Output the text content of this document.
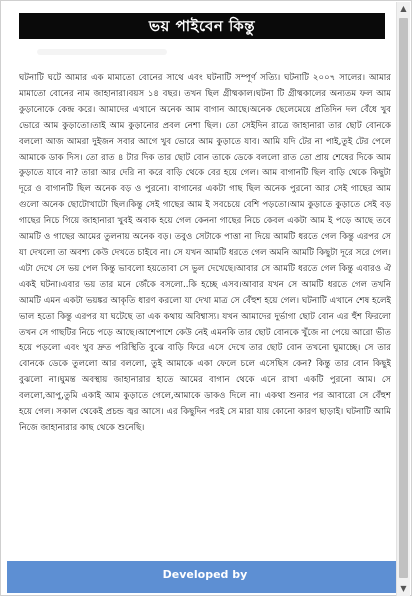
ভয় পাইবেন কিন্তু
ঘটনাটি ঘটে আমার এক মামাতো বোনের সাথে এবং ঘটনাটি সম্পূর্ণ সত্যি। ঘটনাটি ২০০৭ সালের। আমার মামাতো বোনের নাম জাহানারা।বয়স ১৪ বছর। তখন ছিল গ্রীষ্মকাল।ঘটনা টি গ্রীষ্মকালের অন্যতম ফল আম কুড়ানোকে কেন্দ্র করে। আমাদের এখানে অনেক আম বাগান আছে।অনেক ছেলেমেয়ে প্রতিদিন দল বেঁধে খুব ভোরে আম কুড়াতো।তাই আম কুড়ানোর প্রবল নেশা ছিল। তো সেইদিন রাত্রে জাহানারা তার ছোট বোনকে বললো আজ আমরা দুইজন সবার আগে খুব ভোরে আম কুড়াতে যাব। আমি যদি টের না পাই,তুই টের পেলে আমাকে ডাক দিস। তো রাত ৪ টার দিক তার ছোট বোন তাকে ডেকে বললো রাত তো প্রায় শেষের দিকে আম কুড়াতে যাবে না? তারা আর দেরি না করে বাড়ি থেকে বের হয়ে গেল। আম বাগানটি ছিল বাড়ি থেকে কিছুটা দূরে ও বাগানটি ছিল অনেক বড় ও পুরনো। বাগানের একটা গাছ ছিল অনেক পুরনো আর সেই গাছের আম গুলো অনেক ছোটোখাটো ছিল।কিন্তু সেই গাছের আম ই সবচেয়ে বেশি পড়তো।আম কুড়াতে কুড়াতে সেই বড় গাছের নিচে গিয়ে জাহানারা খুবই অবাক হয়ে গেল কেননা গাছের নিচে কেবল একটা আম ই পড়ে আছে তবে আমটি ও গাছের আমের তুলনায় অনেক বড়। তবুও সেটাকে পাত্তা না দিয়ে আমটি ধরতে গেল কিন্তু এরপর সে যা দেখলো তা অবশ্য কেউ দেখতে চাইবে না। সে যখন আমটি ধরতে গেল অমনি আমটি কিছুটা দূরে সরে গেল।এটা দেখে সে ভয় পেল কিন্তু ভাবলো হয়তোবা সে ভুল দেখেছে।আবার সে আমটি ধরতে গেল কিন্তু এবারও ঐ একই ঘটনা।এবার ভয় তার মনে জেঁকে বসলো..কি হচ্ছে এসব।আবার যখন সে আমটি ধরতে গেল তখনি আমটি এমন একটা ভয়ঙ্কর আকৃতি ধারণ করলো যা দেখা মাত্র সে বেঁহুশ হয়ে গেল। ঘটনাটি এখানে শেষ হলেই ভাল হতো কিন্তু এরপর যা ঘটেছে তা এক কথায় অবিশ্বাস্য। যখন আমাদের দুর্ভাগা ছোট বোন এর হুঁশ ফিরলো তখন সে গাছটির নিচে পড়ে আছে।আশেপাশে কেউ নেই এমনকি তার ছোট বোনকে খুঁজে না পেয়ে আরো ভীত হয়ে পড়লো এবং খুব দ্রুত পরিস্থিতি বুঝে বাড়ি ফিরে এসে দেখে তার ছোট বোন তখনো ঘুমাচ্ছে। সে তার বোনকে ডেকে তুললো আর বললো, তুই আমাকে একা ফেলে চলে এসেছিস কেন? কিন্তু তার বোন কিছুই বুঝলো না।ঘুমন্ত অবস্থায় জাহানারার হাতে আমের বাগান থেকে এনে রাখা একটি পুরনো আম। সে বললো,আপু,তুমি একাই আম কুড়াতে গেলে,আমাকে ডাকও দিলে না। একথা শুনার পর আবারো সে বেঁহুশ হয়ে গেল। সকাল থেকেই প্রচন্ড জ্বর আসে। এর কিছুদিন পরই সে মারা যায় কোনো কারণ ছাড়াই। ঘটনাটি আমি নিজে জাহানারার কাছ থেকে শুনেছি।
Developed by
▲
▼
